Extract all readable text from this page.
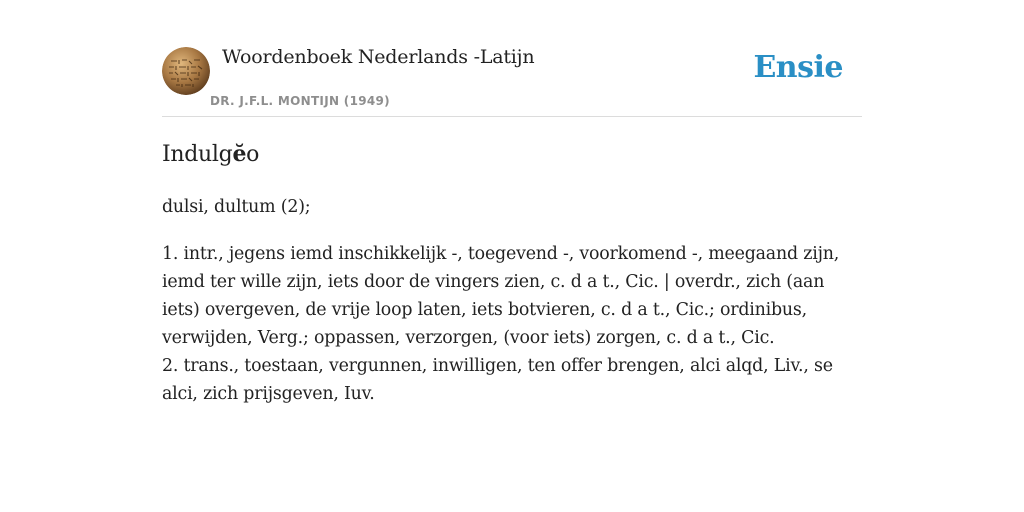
Woordenboek Nederlands -Latijn
DR. J.F.L. MONTIJN (1949)
Ensie
Indulgĕo

dulsi, dultum (2);

1. intr., jegens iemd inschikkelijk -, toegevend -, voorkomend -, meegaand zijn, iemd ter wille zijn, iets door de vingers zien, c. d a t., Cic. | overdr., zich (aan iets) overgeven, de vrije loop laten, iets botvieren, c. d a t., Cic.; ordinibus, verwijden, Verg.; oppassen, verzorgen, (voor iets) zorgen, c. d a t., Cic.

2. trans., toestaan, vergunnen, inwilligen, ten offer brengen, alci alqd, Liv., se alci, zich prijsgeven, Iuv.
